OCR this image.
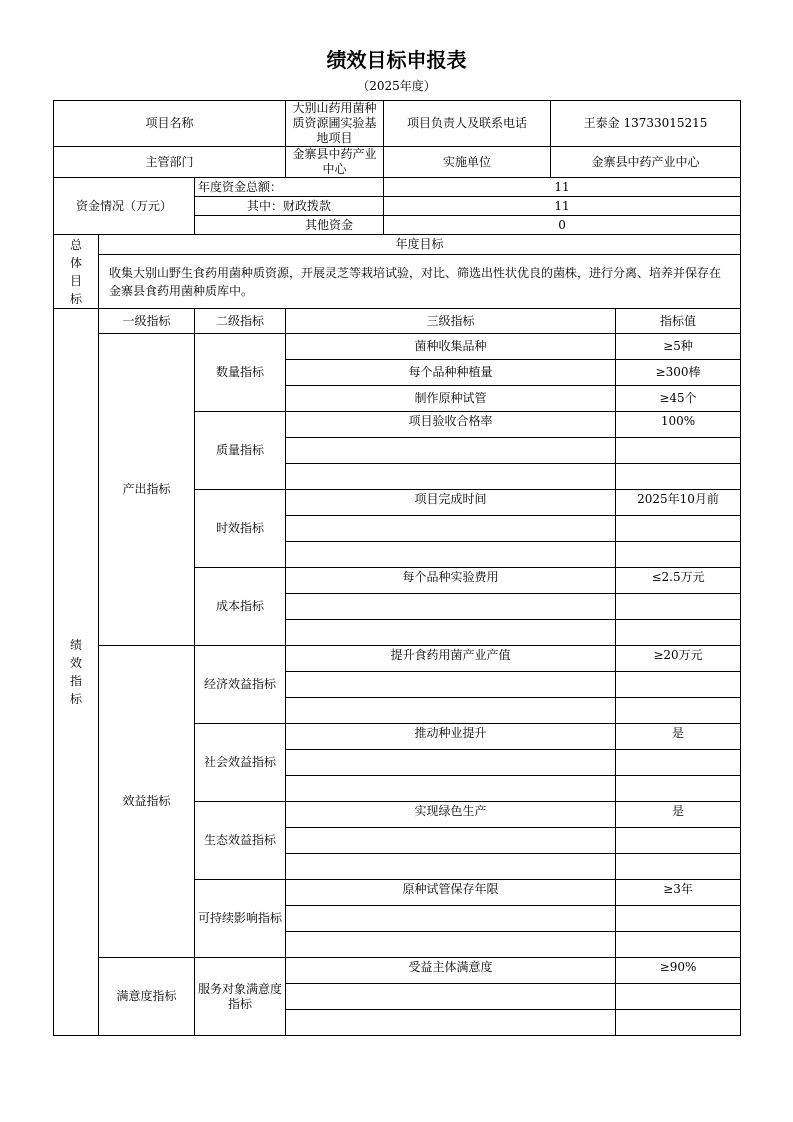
绩效目标申报表
（2025年度）
项目名称			大别山药用菌种质资源圃实验基地项目	项目负责人及联系电话	王泰金 13733015215	
主管部门			金寨县中药产业中心	实施单位	金寨县中药产业中心	
资金情况（万元）		年度资金总额：		11		
		其中：财政拨款		11		
		其他资金		0		
总
体
目
标	年度目标					
	收集大别山野生食药用菌种质资源，开展灵芝等栽培试验，对比、筛选出性状优良的菌株，进行分离、培养并保存在金寨县食药用菌种质库中。					
绩
效
指
标	一级指标	二级指标	三级指标			指标值
	产出指标	数量指标	菌种收集品种			≥5种
			每个品种种植量			≥300棒
			制作原种试管			≥45个
		质量指标	项目验收合格率			100%

		时效指标	项目完成时间			2025年10月前

		成本指标	每个品种实验费用			≤2.5万元

	效益指标	经济效益指标	提升食药用菌产业产值			≥20万元

		社会效益指标	推动种业提升			是

		生态效益指标	实现绿色生产			是

		可持续影响指标	原种试管保存年限			≥3年

	满意度指标	服务对象满意度指标	受益主体满意度			≥90%
